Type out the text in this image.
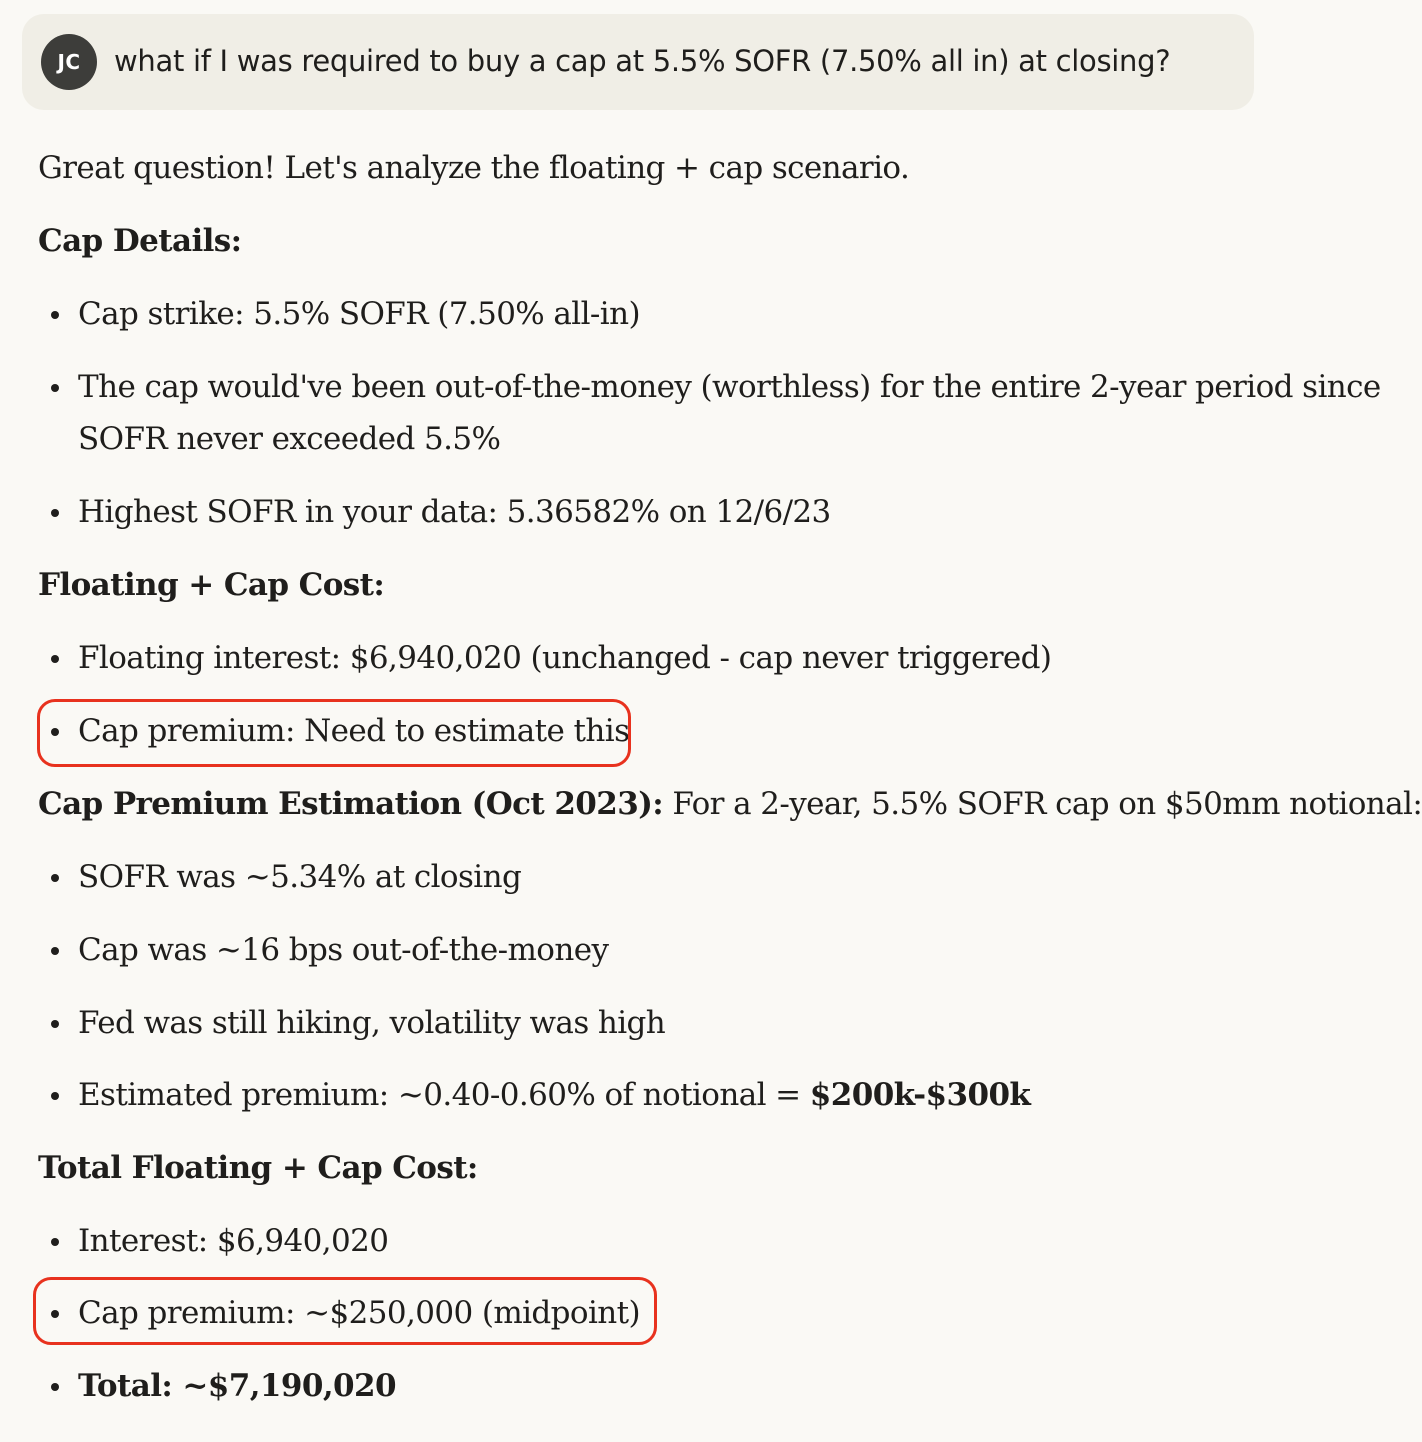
JC	what if I was required to buy a cap at 5.5% SOFR (7.50% all in) at closing?
Great question! Let's analyze the floating + cap scenario.
Cap Details:
Cap strike: 5.5% SOFR (7.50% all-in)
The cap would've been out-of-the-money (worthless) for the entire 2-year period since SOFR never exceeded 5.5%
Highest SOFR in your data: 5.36582% on 12/6/23
Floating + Cap Cost:
Floating interest: $6,940,020 (unchanged - cap never triggered)
Cap premium: Need to estimate this
Cap Premium Estimation (Oct 2023): For a 2-year, 5.5% SOFR cap on $50mm notional:
SOFR was ~5.34% at closing
Cap was ~16 bps out-of-the-money
Fed was still hiking, volatility was high
Estimated premium: ~0.40-0.60% of notional = $200k-$300k
Total Floating + Cap Cost:
Interest: $6,940,020
Cap premium: ~$250,000 (midpoint)
Total: ~$7,190,020
